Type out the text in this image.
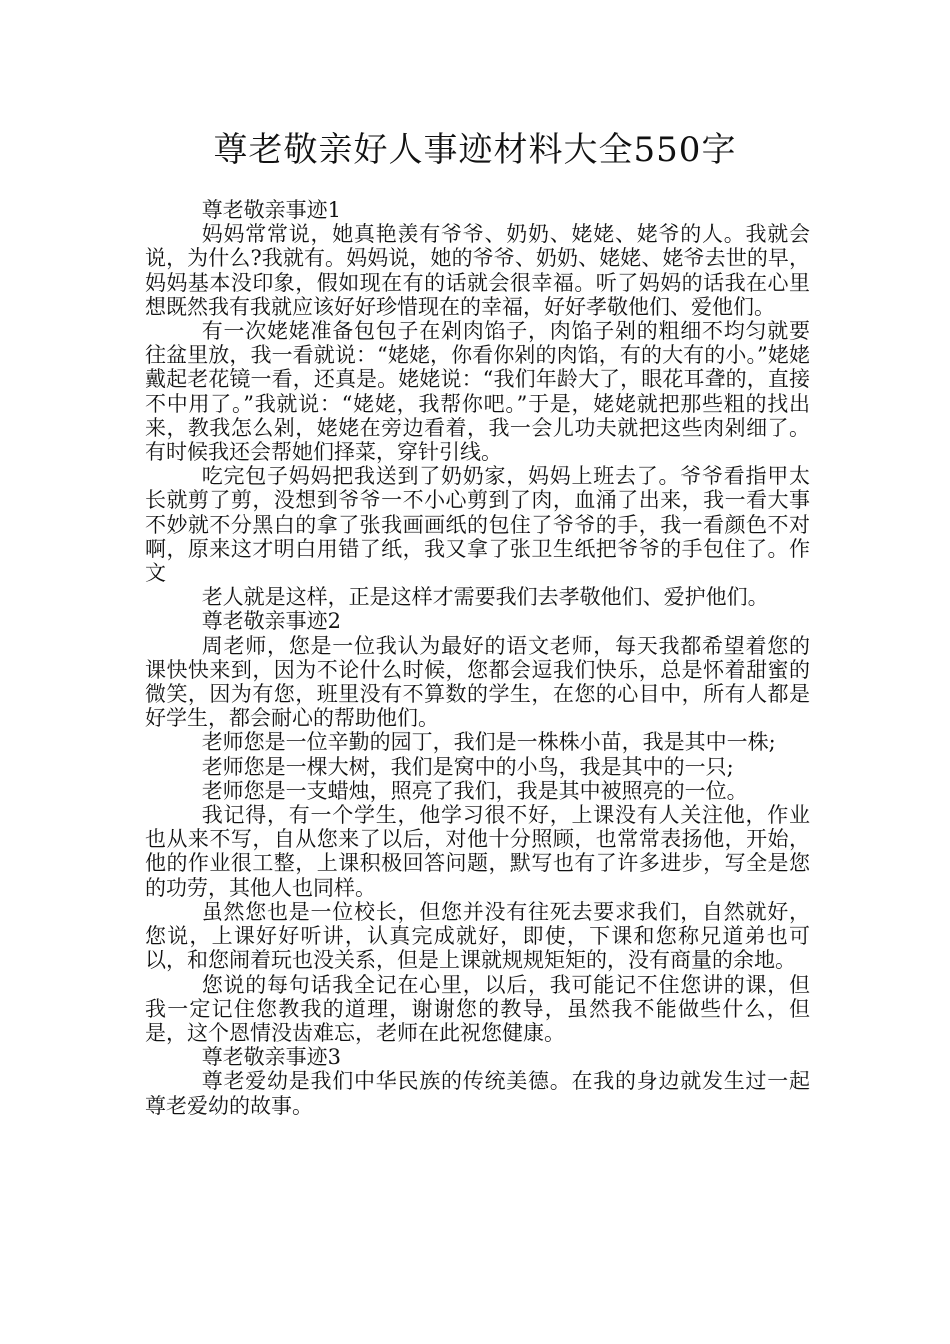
尊老敬亲好人事迹材料大全550字

尊老敬亲事迹1

妈妈常常说，她真艳羡有爷爷、奶奶、姥姥、姥爷的人。我就会说，为什么?我就有。妈妈说，她的爷爷、奶奶、姥姥、姥爷去世的早，妈妈基本没印象，假如现在有的话就会很幸福。听了妈妈的话我在心里想既然我有我就应该好好珍惜现在的幸福，好好孝敬他们、爱他们。

有一次姥姥准备包包子在剁肉馅子，肉馅子剁的粗细不均匀就要往盆里放，我一看就说：“姥姥，你看你剁的肉馅，有的大有的小。”姥姥戴起老花镜一看，还真是。姥姥说：“我们年龄大了，眼花耳聋的，直接不中用了。”我就说：“姥姥，我帮你吧。”于是，姥姥就把那些粗的找出来，教我怎么剁，姥姥在旁边看着，我一会儿功夫就把这些肉剁细了。有时候我还会帮她们择菜，穿针引线。

吃完包子妈妈把我送到了奶奶家，妈妈上班去了。爷爷看指甲太长就剪了剪，没想到爷爷一不小心剪到了肉，血涌了出来，我一看大事不妙就不分黑白的拿了张我画画纸的包住了爷爷的手，我一看颜色不对啊，原来这才明白用错了纸，我又拿了张卫生纸把爷爷的手包住了。作文

老人就是这样，正是这样才需要我们去孝敬他们、爱护他们。

尊老敬亲事迹2

周老师，您是一位我认为最好的语文老师，每天我都希望着您的课快快来到，因为不论什么时候，您都会逗我们快乐，总是怀着甜蜜的微笑，因为有您，班里没有不算数的学生，在您的心目中，所有人都是好学生，都会耐心的帮助他们。

老师您是一位辛勤的园丁，我们是一株株小苗，我是其中一株;

老师您是一棵大树，我们是窝中的小鸟，我是其中的一只;

老师您是一支蜡烛，照亮了我们，我是其中被照亮的一位。

我记得，有一个学生，他学习很不好，上课没有人关注他，作业也从来不写，自从您来了以后，对他十分照顾，也常常表扬他，开始，他的作业很工整，上课积极回答问题，默写也有了许多进步，写全是您的功劳，其他人也同样。

虽然您也是一位校长，但您并没有往死去要求我们，自然就好，您说，上课好好听讲，认真完成就好，即使，下课和您称兄道弟也可以，和您闹着玩也没关系，但是上课就规规矩矩的，没有商量的余地。

您说的每句话我全记在心里，以后，我可能记不住您讲的课，但我一定记住您教我的道理，谢谢您的教导，虽然我不能做些什么，但是，这个恩情没齿难忘，老师在此祝您健康。

尊老敬亲事迹3

尊老爱幼是我们中华民族的传统美德。在我的身边就发生过一起尊老爱幼的故事。
